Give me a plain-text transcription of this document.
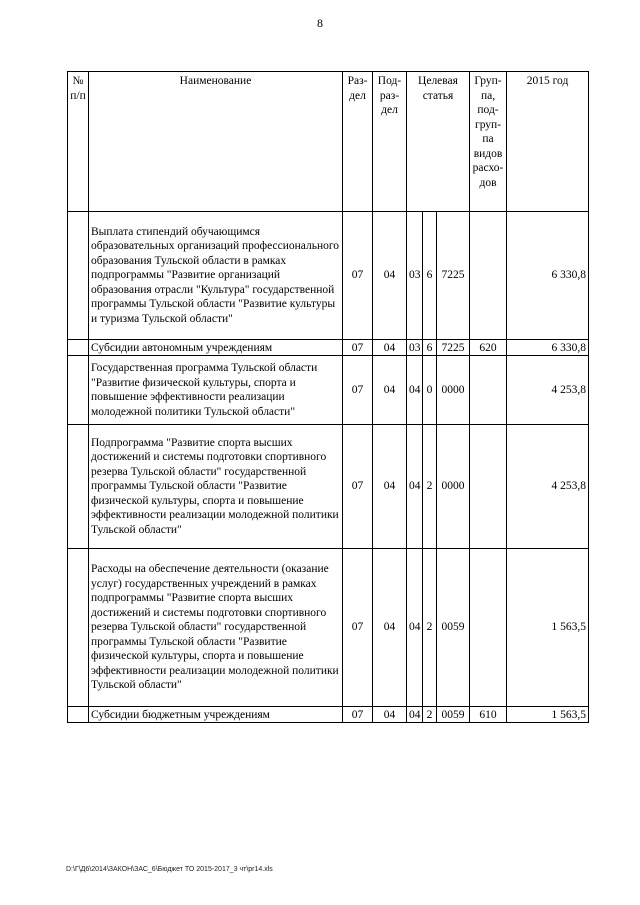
8
№ п/п	Наименование	Раз-дел	Под-раз-дел	Целевая статья			Груп-па, под-груп-па видов расхо-дов	2015 год
	Выплата стипендий обучающимся образовательных организаций профессионального образования Тульской области в рамках подпрограммы "Развитие организаций образования отрасли "Культура" государственной программы Тульской области "Развитие культуры и туризма Тульской области"	07	04	03	6	7225		6 330,8
	Субсидии автономным учреждениям	07	04	03	6	7225	620	6 330,8
	Государственная программа Тульской области "Развитие физической культуры, спорта и повышение эффективности реализации молодежной политики Тульской области"	07	04	04	0	0000		4 253,8
	Подпрограмма "Развитие спорта высших достижений и системы подготовки спортивного резерва Тульской области" государственной программы Тульской области "Развитие физической культуры, спорта и повышение эффективности реализации молодежной политики Тульской области"	07	04	04	2	0000		4 253,8
	Расходы на обеспечение деятельности (оказание услуг) государственных учреждений в рамках подпрограммы "Развитие спорта высших достижений и системы подготовки спортивного резерва Тульской области" государственной программы Тульской области "Развитие физической культуры, спорта и повышение эффективности реализации молодежной политики Тульской области"	07	04	04	2	0059		1 563,5
	Субсидии бюджетным учреждениям	07	04	04	2	0059	610	1 563,5
D:\Г\Д6\2014\ЗАКОН\ЗАС_6\Бюджет ТО 2015-2017_3 чт\pr14.xls
